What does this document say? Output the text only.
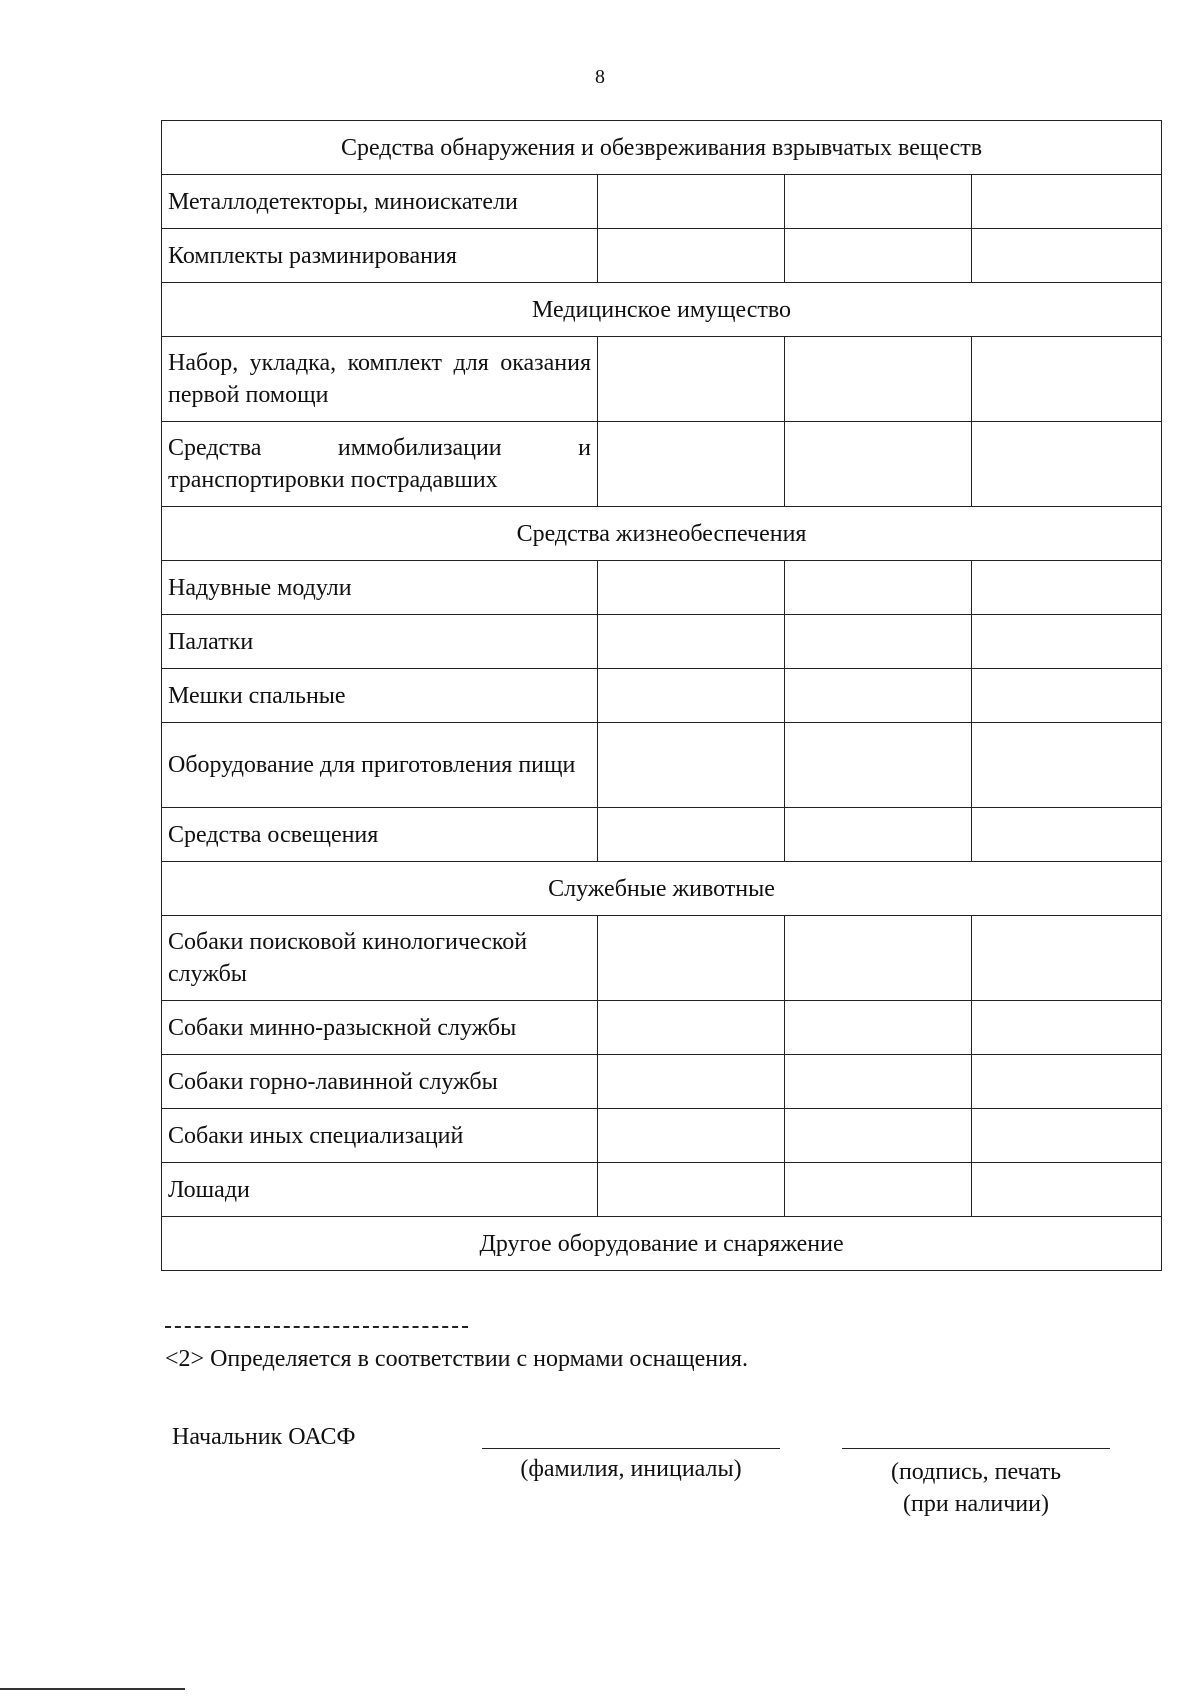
8
Средства обнаружения и обезвреживания взрывчатых веществ			
Металлодетекторы, миноискатели			
Комплекты разминирования			
Медицинское имущество			
Набор, укладка, комплект для оказания первой помощи			
Средства иммобилизации и транспортировки пострадавших			
Средства жизнеобеспечения			
Надувные модули			
Палатки			
Мешки спальные			
Оборудование для приготовления пищи			
Средства освещения			
Служебные животные			
Собаки поисковой кинологической службы			
Собаки минно-разыскной службы			
Собаки горно-лавинной службы			
Собаки иных специализаций			
Лошади			
Другое оборудование и снаряжение			
<2> Определяется в соответствии с нормами оснащения.
Начальник ОАСФ
(фамилия, инициалы)	(подпись, печать
(при наличии)
